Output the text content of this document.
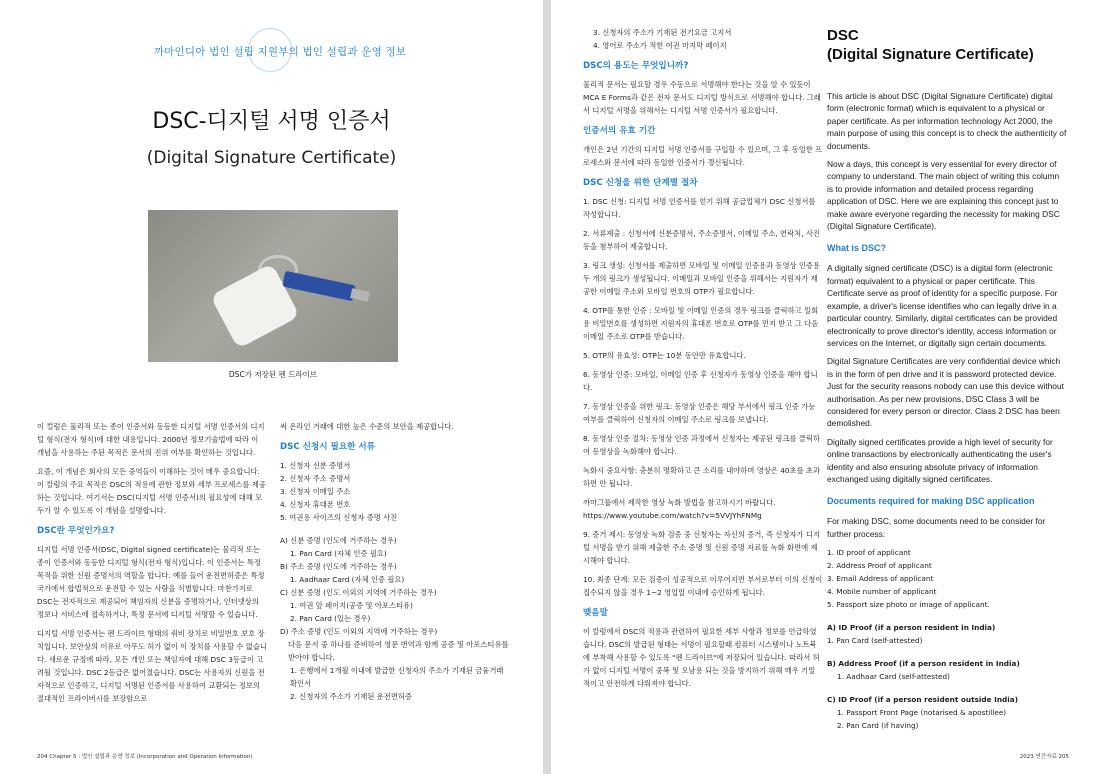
까마인디아 법인 설립 지원부의 법인 설립과 운영 정보
DSC-디지털 서명 인증서
(Digital Signature Certificate)
DSC가 저장된 펜 드라이브

이 컬럼은 물리적 또는 종이 인증서와 동등한 디지털 서명 인증서의 디지털 형식(전자 형식)에 대한 내용입니다. 2000년 정보기술법에 따라 이 개념을 사용하는 주된 목적은 문서의 진위 여부를 확인하는 것입니다.

요즘, 이 개념은 회사의 모든 중역들이 이해하는 것이 매우 중요합니다. 이 칼럼의 주요 목적은 DSC의 적용에 관한 정보와 세부 프로세스를 제공하는 것입니다. 여기서는 DSC(디지털 서명 인증서)의 필요성에 대해 모두가 알 수 있도록 이 개념을 설명합니다.

DSC란 무엇인가요?

디지털 서명 인증서(DSC, Digital signed certificate)는 물리적 또는 종이 인증서와 동등한 디지털 형식(전자 형식)입니다. 이 인증서는 특정 목적을 위한 신원 증명서의 역할을 합니다. 예를 들어 운전면허증은 특정 국가에서 합법적으로 운전할 수 있는 사람을 식별합니다. 마찬가지로 DSC는 전자적으로 제공되어 책임자의 신분을 증명하거나, 인터넷상의 정보나 서비스에 접속하거나, 특정 문서에 디지털 서명할 수 있습니다.

디지털 서명 인증서는 펜 드라이브 형태의 쿼비 장치로 비밀번호 보호 장치입니다. 보안상의 이유로 아무도 허가 없이 이 장치를 사용할 수 없습니다. 새로운 규정에 따라, 모든 개인 또는 책임자에 대해 DSC 3등급이 고려될 것입니다. DSC 2등급은 없어졌습니다. DSC는 사용자의 신원을 전자적으로 인증하고, 디지털 서명된 인증서를 사용하여 교환되는 정보의 절대적인 프라이버시를 보장함으로

써 온라인 거래에 대한 높은 수준의 보안을 제공합니다.

DSC 신청시 필요한 서류
1. 신청자 신분 증명서
2. 신청자 주소 증명서
3. 신청자 이메일 주소
4. 신청자 휴대폰 번호
5. 여권용 사이즈의 신청자 증명 사진
A) 신분 증명 (인도에 거주하는 경우)
1. Pan Card (자체 인증 필요)
B) 주소 증명 (인도에 거주하는 경우)
1. Aadhaar Card (자체 인증 필요)
C) 신분 증명 (인도 이외의 지역에 거주하는 경우)
1. 여권 앞 페이지(공증 및 아포스티유)
2. Pan Card (있는 경우)
D) 주소 증명 (인도 이외의 지역에 거주하는 경우)
다음 문서 중 하나를 준비하여 영문 번역과 함께 공증 및 아포스티유를 받아야 합니다.
1. 은행에서 1개월 이내에 발급한 신청자의 주소가 기재된 금융거래확인서
2. 신청자의 주소가 기재된 운전면허증
204 Chapter 5 : 법인 설립과 운영 정보 (Incorporation and Operation Information)
3. 신청자의 주소가 기재된 전기요금 고지서
4. 영어로 주소가 적힌 여권 마지막 페이지
DSC의 용도는 무엇입니까?

물리적 문서는 필요할 경우 수동으로 서명해야 한다는 것을 알 수 있듯이 MCA E Forms과 같은 전자 문서도 디지털 방식으로 서명해야 합니다. 그래서 디지털 서명을 위해서는 디지털 서명 인증서가 필요합니다.

인증서의 유효 기간

개인은 2년 기간의 디지털 서명 인증서를 구입할 수 있으며, 그 후 동일한 프로세스와 문서에 따라 동일한 인증서가 갱신됩니다.

DSC 신청을 위한 단계별 절차

1. DSC 신청: 디지털 서명 인증서를 얻기 위해 공급업체가 DSC 신청서를 작성합니다.

2. 서류제출 : 신청서에 신분증명서, 주소증명서, 이메일 주소, 연락처, 사진 등을 첨부하여 제출합니다.

3. 링크 생성: 신청서를 제출하면 모바일 및 이메일 인증용과 동영상 인증용 두 개의 링크가 생성됩니다. 이메일과 모바일 인증을 위해서는 지원자가 제공한 이메일 주소와 모바일 번호의 OTP가 필요합니다.

4. OTP를 통한 인증 : 모바일 및 이메일 인증의 경우 링크를 클릭하고 일회용 비밀번호를 생성하면 지원자의 휴대폰 번호로 OTP를 먼저 받고 그 다음 이메일 주소로 OTP를 받습니다.

5. OTP의 유효성: OTP는 10분 동안만 유효합니다.

6. 동영상 인증: 모바일, 이메일 인증 후 신청자가 동영상 인증을 해야 합니다.

7. 동영상 인증을 위한 링크: 동영상 인증은 해당 부서에서 링크 인증 가능 여부를 클릭하여 신청자의 이메일 주소로 링크를 보냅니다.

8. 동영상 인증 절차: 동영상 인증 과정에서 신청자는 제공된 링크를 클릭하여 동영상을 녹화해야 합니다.

녹화시 중요사항: 충분히 명확하고 큰 소리를 내야하며 영상은 40초를 초과하면 안 됩니다.

까마그룹에서 제작한 영상 녹화 방법을 참고하시기 바랍니다. https://www.youtube.com/watch?v=5VVJYhFNMg

9. 증거 제시: 동영상 녹화 검증 중 신청자는 자신의 증거, 즉 신청자가 디지털 서명을 받기 위해 제출한 주소 증명 및 신원 증명 자료를 녹화 화면에 제시해야 합니다.

10. 최종 단계: 모든 검증이 성공적으로 이루어지면 부서로부터 이의 신청이 접수되지 않을 경우 1~2 영업일 이내에 승인하게 됩니다.

맺음말

이 칼럼에서 DSC의 적용과 관련하여 필요한 세부 사항과 정보를 언급하였습니다. DSC의 발급된 형태는 서명이 필요할때 컴퓨터 시스템이나 노트북에 부착해 사용할 수 있도록 "펜 드라이브"에 저장되어 있습니다. 따라서 허가 없이 디지털 서명이 중복 및 오남용 되는 것을 방지하기 위해 매우 기밀 적이고 안전하게 다뤄져야 합니다.

DSC
(Digital Signature Certificate)

This article is about DSC (Digital Signature Certificate) digital form (electronic format) which is equivalent to a physical or paper certificate. As per information technology Act 2000, the main purpose of using this concept is to check the authenticity of documents.

Now a days, this concept is very essential for every director of company to understand. The main object of writing this column is to provide information and detailed process regarding application of DSC. Here we are explaining this concept just to make aware everyone regarding the necessity for making DSC (Digital Signature Certificate).

What is DSC?

A digitally signed certificate (DSC) is a digital form (electronic format) equivalent to a physical or paper certificate. This Certificate serve as proof of identity for a specific purpose. For example, a driver's license identifies who can legally drive in a particular country. Similarly, digital certificates can be provided electronically to prove director's identity, access information or services on the Internet, or digitally sign certain documents.

Digital Signature Certificates are very confidential device which is in the form of pen drive and it is password protected device. Just for the security reasons nobody can use this device without authorisation. As per new provisions, DSC Class 3 will be considered for every person or director. Class 2 DSC has been demolished.

Digitally signed certificates provide a high level of security for online transactions by electronically authenticating the user's identity and also ensuring absolute privacy of information exchanged using digitally signed certificates.

Documents required for making DSC application

For making DSC, some documents need to be consider for further process:

1. ID proof of applicant
2. Address Proof of applicant
3. Email Address of applicant
4. Mobile number of applicant
5. Passport size photo or image of applicant.
A) ID Proof (if a person resident in India)
1. Pan Card (self-attested)
B) Address Proof (if a person resident in India)
1. Aadhaar Card (self-attested)
C) ID Proof (if a person resident outside India)
1. Passport Front Page (notarised & apostillee)
2. Pan Card (if having)
2023 연간자료 205
